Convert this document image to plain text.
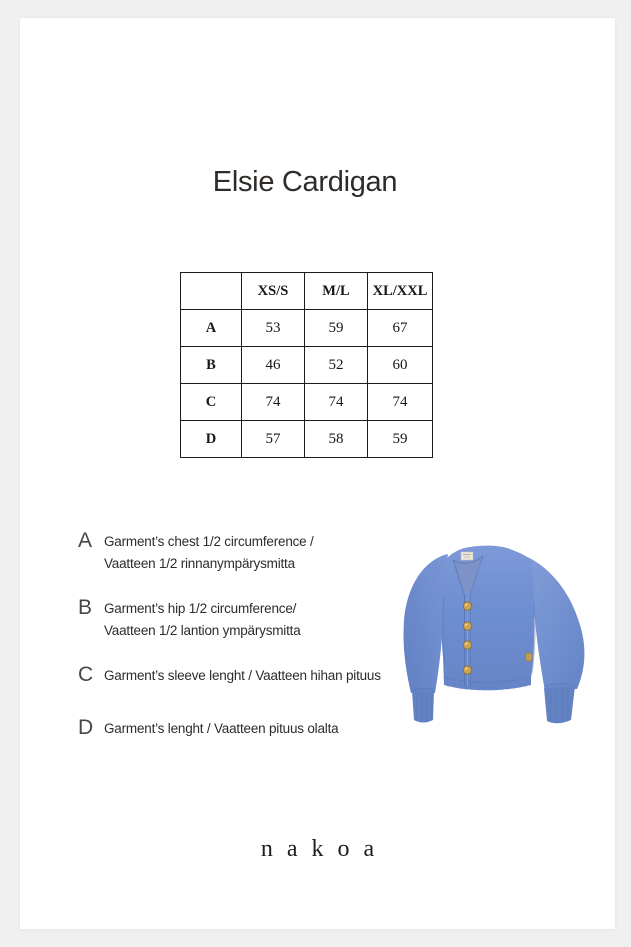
Elsie Cardigan
	XS/S	M/L	XL/XXL
A	53	59	67
B	46	52	60
C	74	74	74
D	57	58	59
A Garment’s chest 1/2 circumference /
Vaatteen 1/2 rinnanympärysmitta
B Garment’s hip 1/2 circumference/
Vaatteen 1/2 lantion ympärysmitta
C Garment’s sleeve lenght / Vaatteen hihan pituus
D Garment’s lenght / Vaatteen pituus olalta
nakoa
